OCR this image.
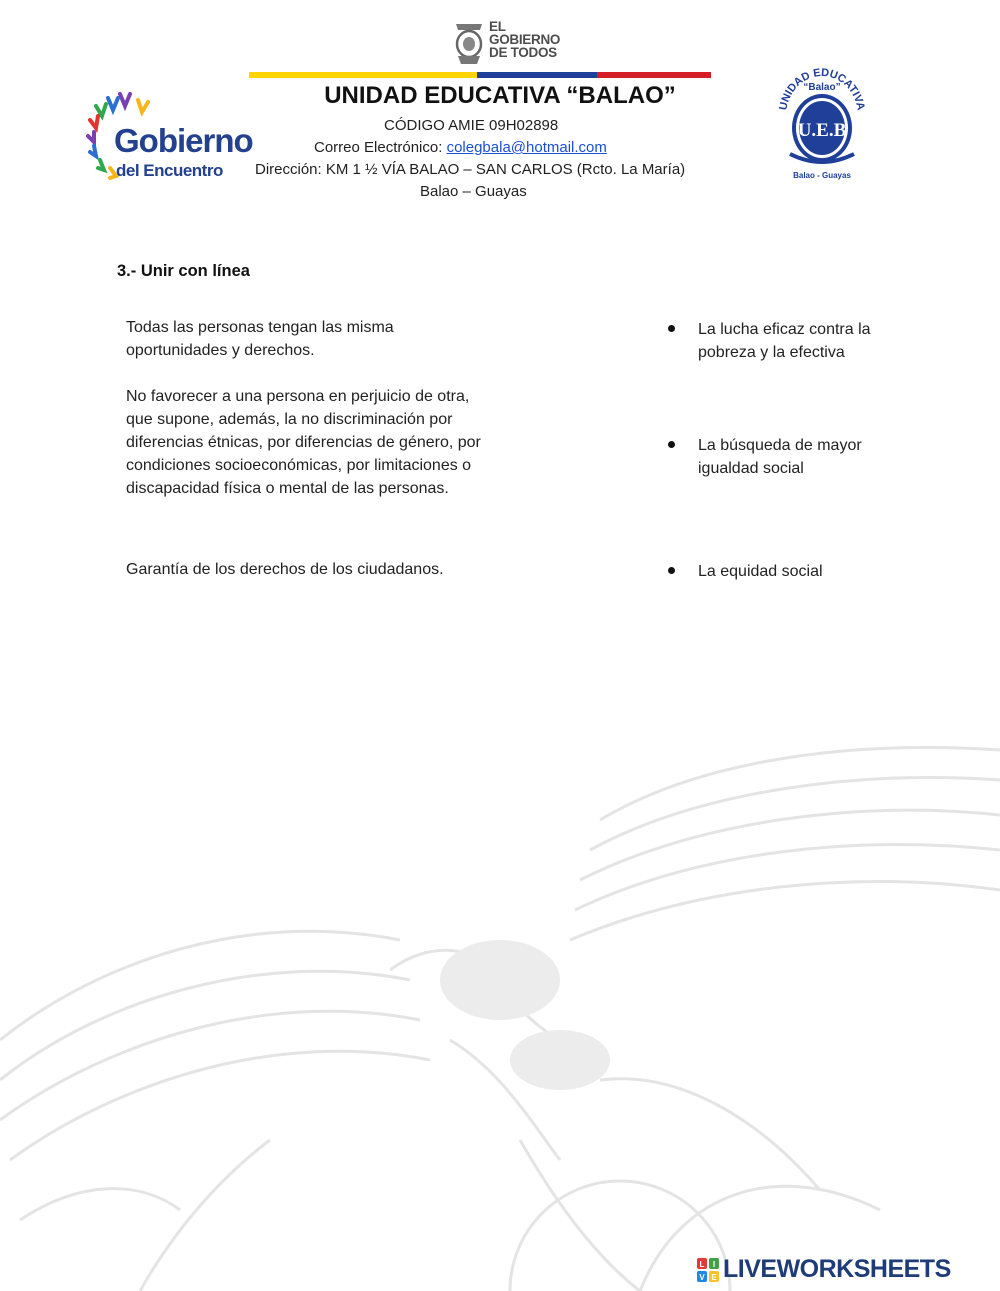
EL
GOBIERNO
DE TODOS
UNIDAD EDUCATIVA “BALAO”
CÓDIGO AMIE 09H02898
Correo Electrónico: colegbala@hotmail.com
Dirección: KM 1 ½ VÍA BALAO – SAN CARLOS (Rcto. La María)
Balao – Guayas
Gobierno
del Encuentro
UNIDAD EDUCATIVA
“Balao”
U.E.B
Balao - Guayas
3.- Unir con línea
Todas las personas tengan las misma oportunidades y derechos.
No favorecer a una persona en perjuicio de otra, que supone, además, la no discriminación por diferencias étnicas, por diferencias de género, por condiciones socioeconómicas, por limitaciones o discapacidad física o mental de las personas.
Garantía de los derechos de los ciudadanos.
La lucha eficaz contra la pobreza y la efectiva
La búsqueda de mayor igualdad social
La equidad social
L I
V E LIVEWORKSHEETS
